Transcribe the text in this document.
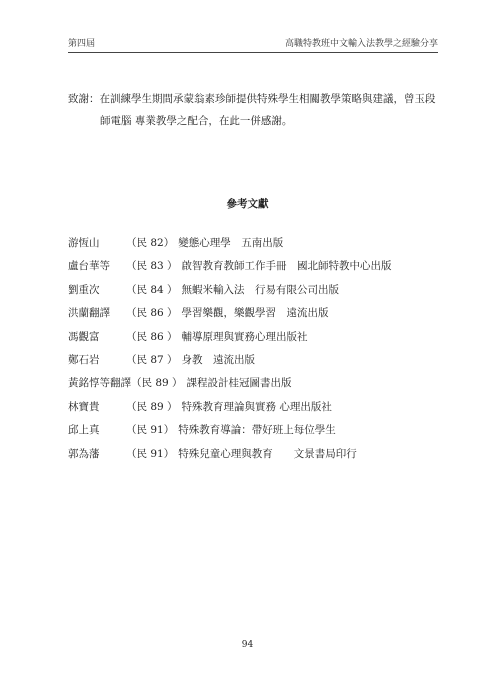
第四屆	高職特教班中文輸入法教學之經驗分享
致謝：在訓練學生期間承蒙翁素珍師提供特殊學生相關教學策略與建議，曾玉段
師電腦 專業教學之配合，在此一併感謝。
參考文獻
游恆山	（民 82） 變態心理學　五南出版
盧台華等 （民 83 ） 啟智教育教師工作手冊　國北師特教中心出版
劉重次	（民 84 ） 無蝦米輸入法　行易有限公司出版
洪蘭翻譯 （民 86 ） 學習樂觀，樂觀學習　遠流出版
馮觀富	（民 86 ） 輔導原理與實務心理出版社
鄭石岩	（民 87 ） 身教　遠流出版
黃銘惇等翻譯（民 89 ） 課程設計桂冠圖書出版
林寶貴	（民 89 ） 特殊教育理論與實務 心理出版社
邱上真	（民 91） 特殊教育導論：帶好班上每位學生
郭為藩	（民 91） 特殊兒童心理與教育　　文景書局印行
94
